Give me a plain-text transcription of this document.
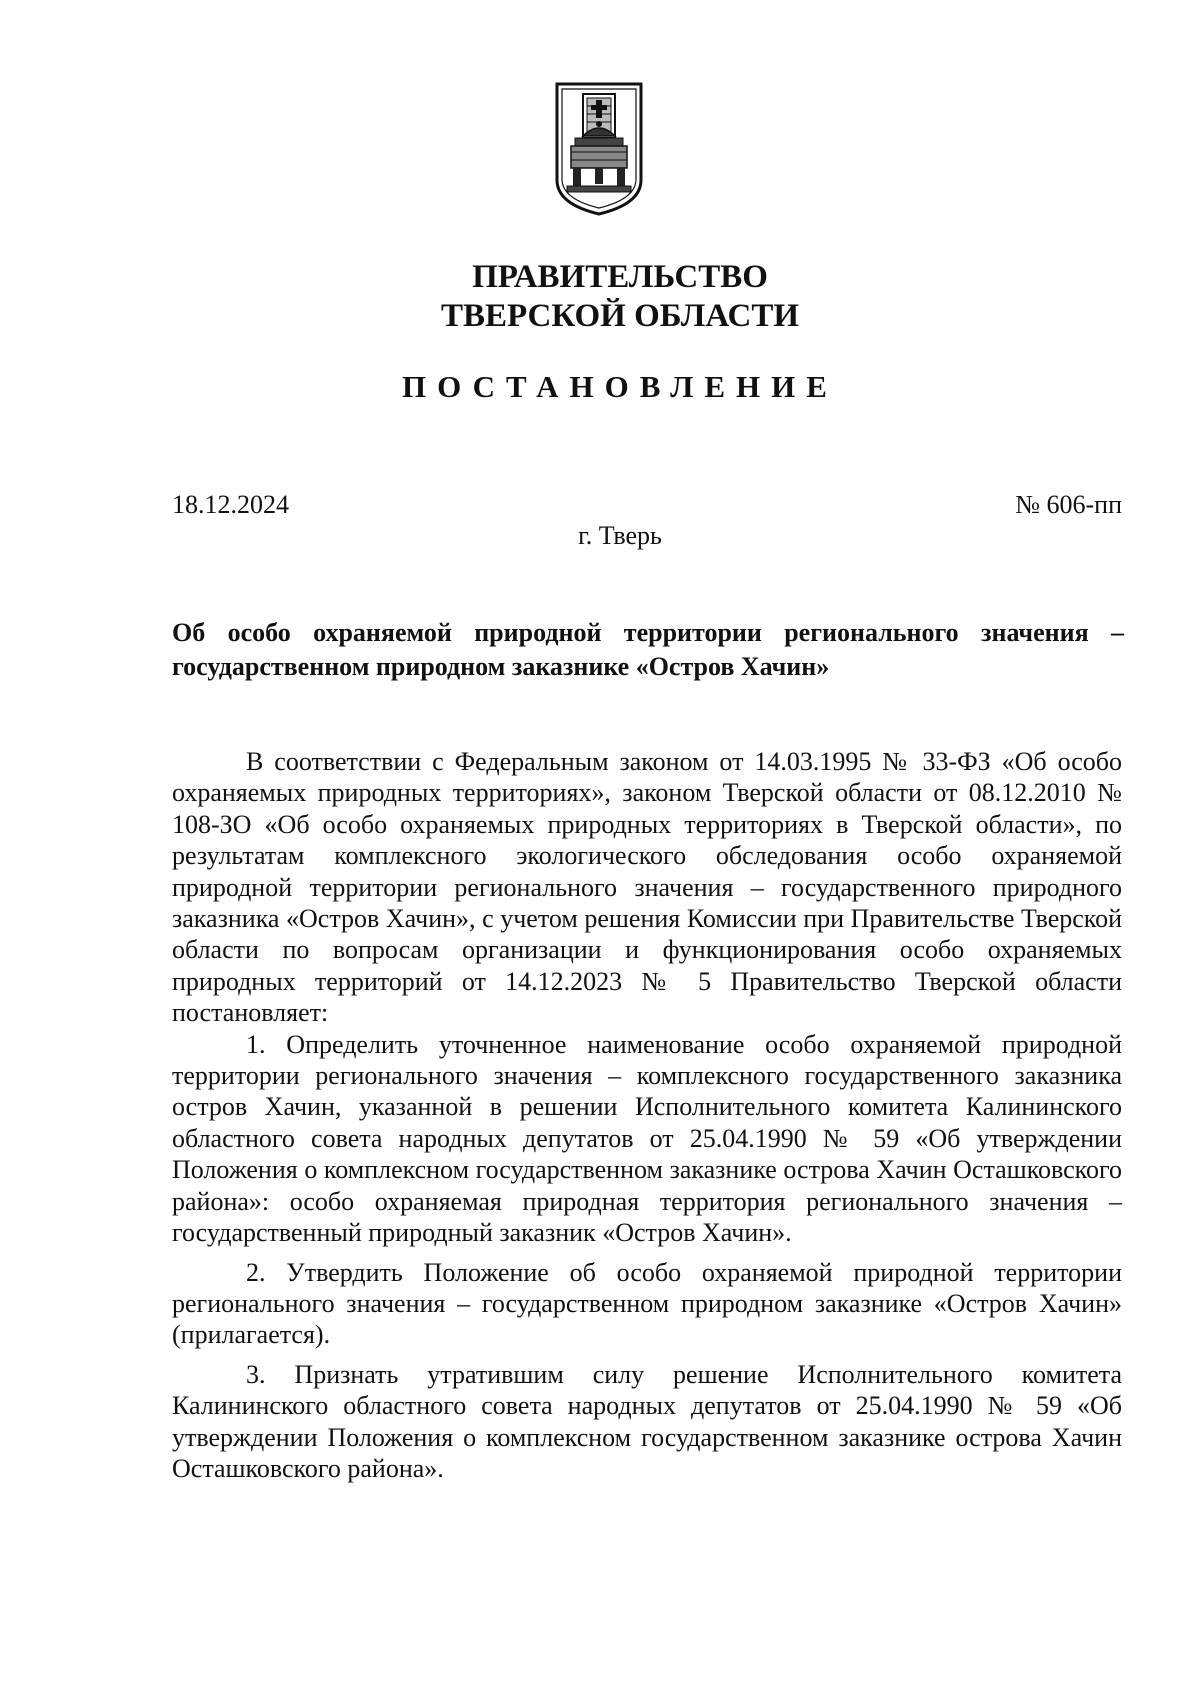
ПРАВИТЕЛЬСТВО
ТВЕРСКОЙ ОБЛАСТИ
ПОСТАНОВЛЕНИЕ
18.12.2024	№ 606-пп
г. Тверь
Об особо охраняемой природной территории регионального значения – государственном природном заказнике «Остров Хачин»

В соответствии с Федеральным законом от 14.03.1995 № 33-ФЗ «Об особо охраняемых природных территориях», законом Тверской области от 08.12.2010 № 108-ЗО «Об особо охраняемых природных территориях в Тверской области», по результатам комплексного экологического обследования особо охраняемой природной территории регионального значения – государственного природного заказника «Остров Хачин», с учетом решения Комиссии при Правительстве Тверской области по вопросам организации и функционирования особо охраняемых природных территорий от 14.12.2023 № 5 Правительство Тверской области постановляет:

1. Определить уточненное наименование особо охраняемой природной территории регионального значения – комплексного государственного заказника остров Хачин, указанной в решении Исполнительного комитета Калининского областного совета народных депутатов от 25.04.1990 № 59 «Об утверждении Положения о комплексном государственном заказнике острова Хачин Осташковского района»: особо охраняемая природная территория регионального значения – государственный природный заказник «Остров Хачин».

2. Утвердить Положение об особо охраняемой природной территории регионального значения – государственном природном заказнике «Остров Хачин» (прилагается).

3. Признать утратившим силу решение Исполнительного комитета Калининского областного совета народных депутатов от 25.04.1990 № 59 «Об утверждении Положения о комплексном государственном заказнике острова Хачин Осташковского района».
